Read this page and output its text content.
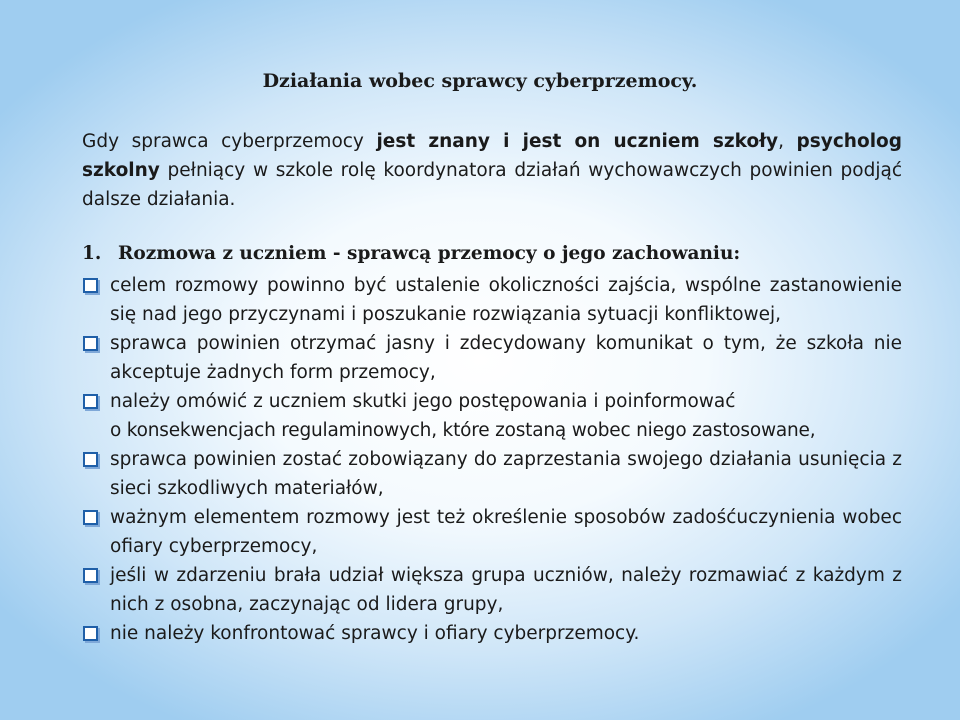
Działania wobec sprawcy cyberprzemocy.
Gdy sprawca cyberprzemocy jest znany i jest on uczniem szkoły, psycholog szkolny pełniący w szkole rolę koordynatora działań wychowawczych powinien podjąć dalsze działania.
1. Rozmowa z uczniem - sprawcą przemocy o jego zachowaniu:
celem rozmowy powinno być ustalenie okoliczności zajścia, wspólne zastanowienie się nad jego przyczynami i poszukanie rozwiązania sytuacji konfliktowej,
sprawca powinien otrzymać jasny i zdecydowany komunikat o tym, że szkoła nie akceptuje żadnych form przemocy,
należy omówić z uczniem skutki jego postępowania i poinformować
o konsekwencjach regulaminowych, które zostaną wobec niego zastosowane,
sprawca powinien zostać zobowiązany do zaprzestania swojego działania usunięcia z sieci szkodliwych materiałów,
ważnym elementem rozmowy jest też określenie sposobów zadośćuczynienia wobec ofiary cyberprzemocy,
jeśli w zdarzeniu brała udział większa grupa uczniów, należy rozmawiać z każdym z nich z osobna, zaczynając od lidera grupy,
nie należy konfrontować sprawcy i ofiary cyberprzemocy.
